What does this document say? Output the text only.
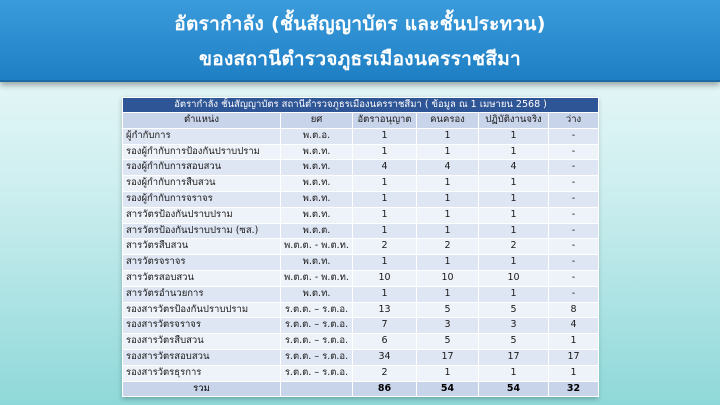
อัตรากำลัง (ชั้นสัญญาบัตร และชั้นประทวน)
ของสถานีตำรวจภูธรเมืองนครราชสีมา
อัตรากำลัง ชั้นสัญญาบัตร สถานีตำรวจภูธรเมืองนครราชสีมา ( ข้อมูล ณ 1 เมษายน 2568 )					
ตำแหน่ง	ยศ	อัตราอนุญาต	คนครอง	ปฏิบัติงานจริง	ว่าง
ผู้กำกับการ	พ.ต.อ.	1	1	1	-
รองผู้กำกับการป้องกันปราบปราม	พ.ต.ท.	1	1	1	-
รองผู้กำกับการสอบสวน	พ.ต.ท.	4	4	4	-
รองผู้กำกับการสืบสวน	พ.ต.ท.	1	1	1	-
รองผู้กำกับการจราจร	พ.ต.ท.	1	1	1	-
สารวัตรป้องกันปราบปราม	พ.ต.ท.	1	1	1	-
สารวัตรป้องกันปราบปราม (ซส.)	พ.ต.ต.	1	1	1	-
สารวัตรสืบสวน	พ.ต.ต. - พ.ต.ท.	2	2	2	-
สารวัตรจราจร	พ.ต.ท.	1	1	1	-
สารวัตรสอบสวน	พ.ต.ต. - พ.ต.ท.	10	10	10	-
สารวัตรอำนวยการ	พ.ต.ท.	1	1	1	-
รองสารวัตรป้องกันปราบปราม	ร.ต.ต. – ร.ต.อ.	13	5	5	8
รองสารวัตรจราจร	ร.ต.ต. – ร.ต.อ.	7	3	3	4
รองสารวัตรสืบสวน	ร.ต.ต. – ร.ต.อ.	6	5	5	1
รองสารวัตรสอบสวน	ร.ต.ต. – ร.ต.อ.	34	17	17	17
รองสารวัตรธุรการ	ร.ต.ต. – ร.ต.อ.	2	1	1	1
รวม		86	54	54	32
